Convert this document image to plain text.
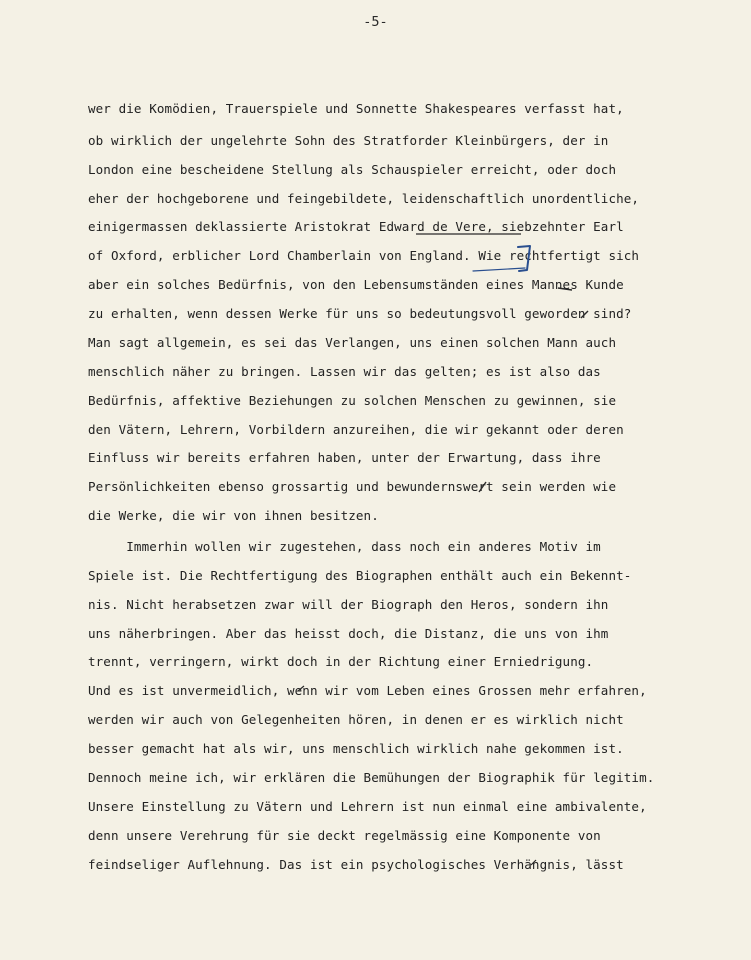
-5-
wer die Komödien, Trauerspiele und Sonnette Shakespeares verfasst hat,
ob wirklich der ungelehrte Sohn des Stratforder Kleinbürgers, der in
London eine bescheidene Stellung als Schauspieler erreicht, oder doch
eher der hochgeborene und feingebildete, leidenschaftlich unordentliche,
einigermassen deklassierte Aristokrat Edward de Vere, siebzehnter Earl
of Oxford, erblicher Lord Chamberlain von England. Wie rechtfertigt sich
aber ein solches Bedürfnis, von den Lebensumständen eines Mannes Kunde
zu erhalten, wenn dessen Werke für uns so bedeutungsvoll geworden sind?
Man sagt allgemein, es sei das Verlangen, uns einen solchen Mann auch
menschlich näher zu bringen. Lassen wir das gelten; es ist also das
Bedürfnis, affektive Beziehungen zu solchen Menschen zu gewinnen, sie
den Vätern, Lehrern, Vorbildern anzureihen, die wir gekannt oder deren
Einfluss wir bereits erfahren haben, unter der Erwartung, dass ihre
Persönlichkeiten ebenso grossartig und bewundernswert sein werden wie
die Werke, die wir von ihnen besitzen.
Immerhin wollen wir zugestehen, dass noch ein anderes Motiv im
Spiele ist. Die Rechtfertigung des Biographen enthält auch ein Bekennt-
nis. Nicht herabsetzen zwar will der Biograph den Heros, sondern ihn
uns näherbringen. Aber das heisst doch, die Distanz, die uns von ihm
trennt, verringern, wirkt doch in der Richtung einer Erniedrigung.
Und es ist unvermeidlich, wenn wir vom Leben eines Grossen mehr erfahren,
werden wir auch von Gelegenheiten hören, in denen er es wirklich nicht
besser gemacht hat als wir, uns menschlich wirklich nahe gekommen ist.
Dennoch meine ich, wir erklären die Bemühungen der Biographik für legitim.
Unsere Einstellung zu Vätern und Lehrern ist nun einmal eine ambivalente,
denn unsere Verehrung für sie deckt regelmässig eine Komponente von
feindseliger Auflehnung. Das ist ein psychologisches Verhängnis, lässt
